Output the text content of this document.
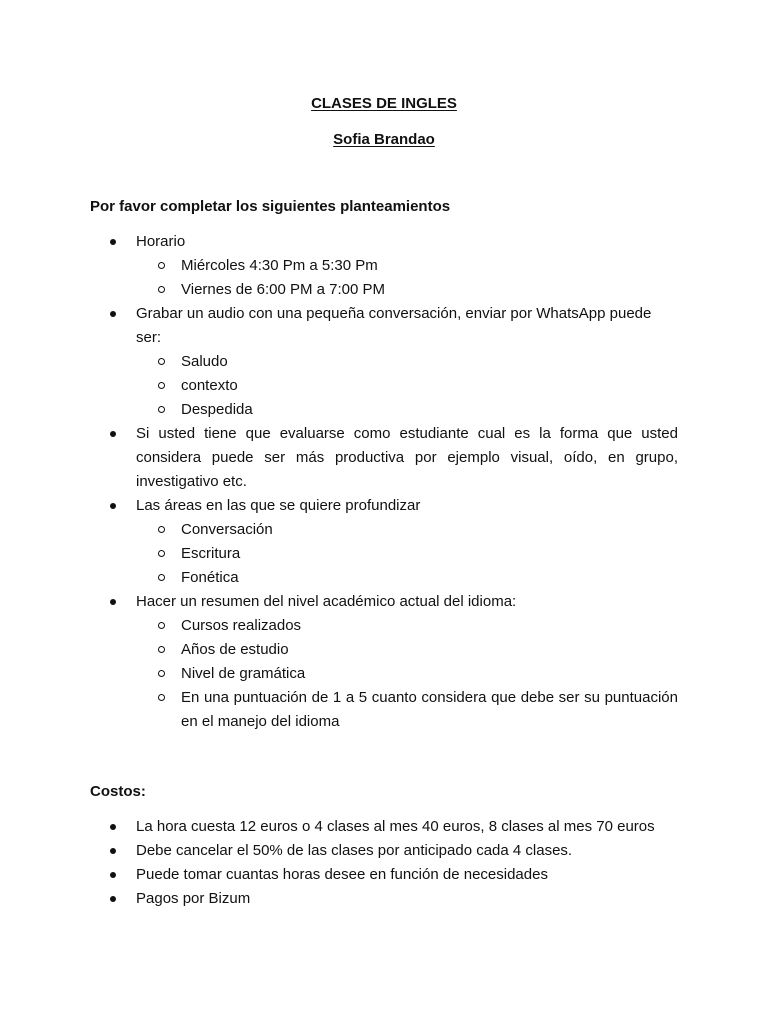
CLASES DE INGLES
Sofia Brandao
Por favor completar los siguientes planteamientos
Horario
Miércoles 4:30 Pm a 5:30 Pm
Viernes de 6:00 PM a 7:00 PM
Grabar un audio con una pequeña conversación, enviar por WhatsApp puede ser:
Saludo
contexto
Despedida
Si usted tiene que evaluarse como estudiante cual es la forma que usted considera puede ser más productiva por ejemplo visual, oído, en grupo, investigativo etc.
Las áreas en las que se quiere profundizar
Conversación
Escritura
Fonética
Hacer un resumen del nivel académico actual del idioma:
Cursos realizados
Años de estudio
Nivel de gramática
En una puntuación de 1 a 5 cuanto considera que debe ser su puntuación en el manejo del idioma
Costos:
La hora cuesta 12 euros o 4 clases al mes 40 euros, 8 clases al mes 70 euros
Debe cancelar el 50% de las clases por anticipado cada 4 clases.
Puede tomar cuantas horas desee en función de necesidades
Pagos por Bizum
